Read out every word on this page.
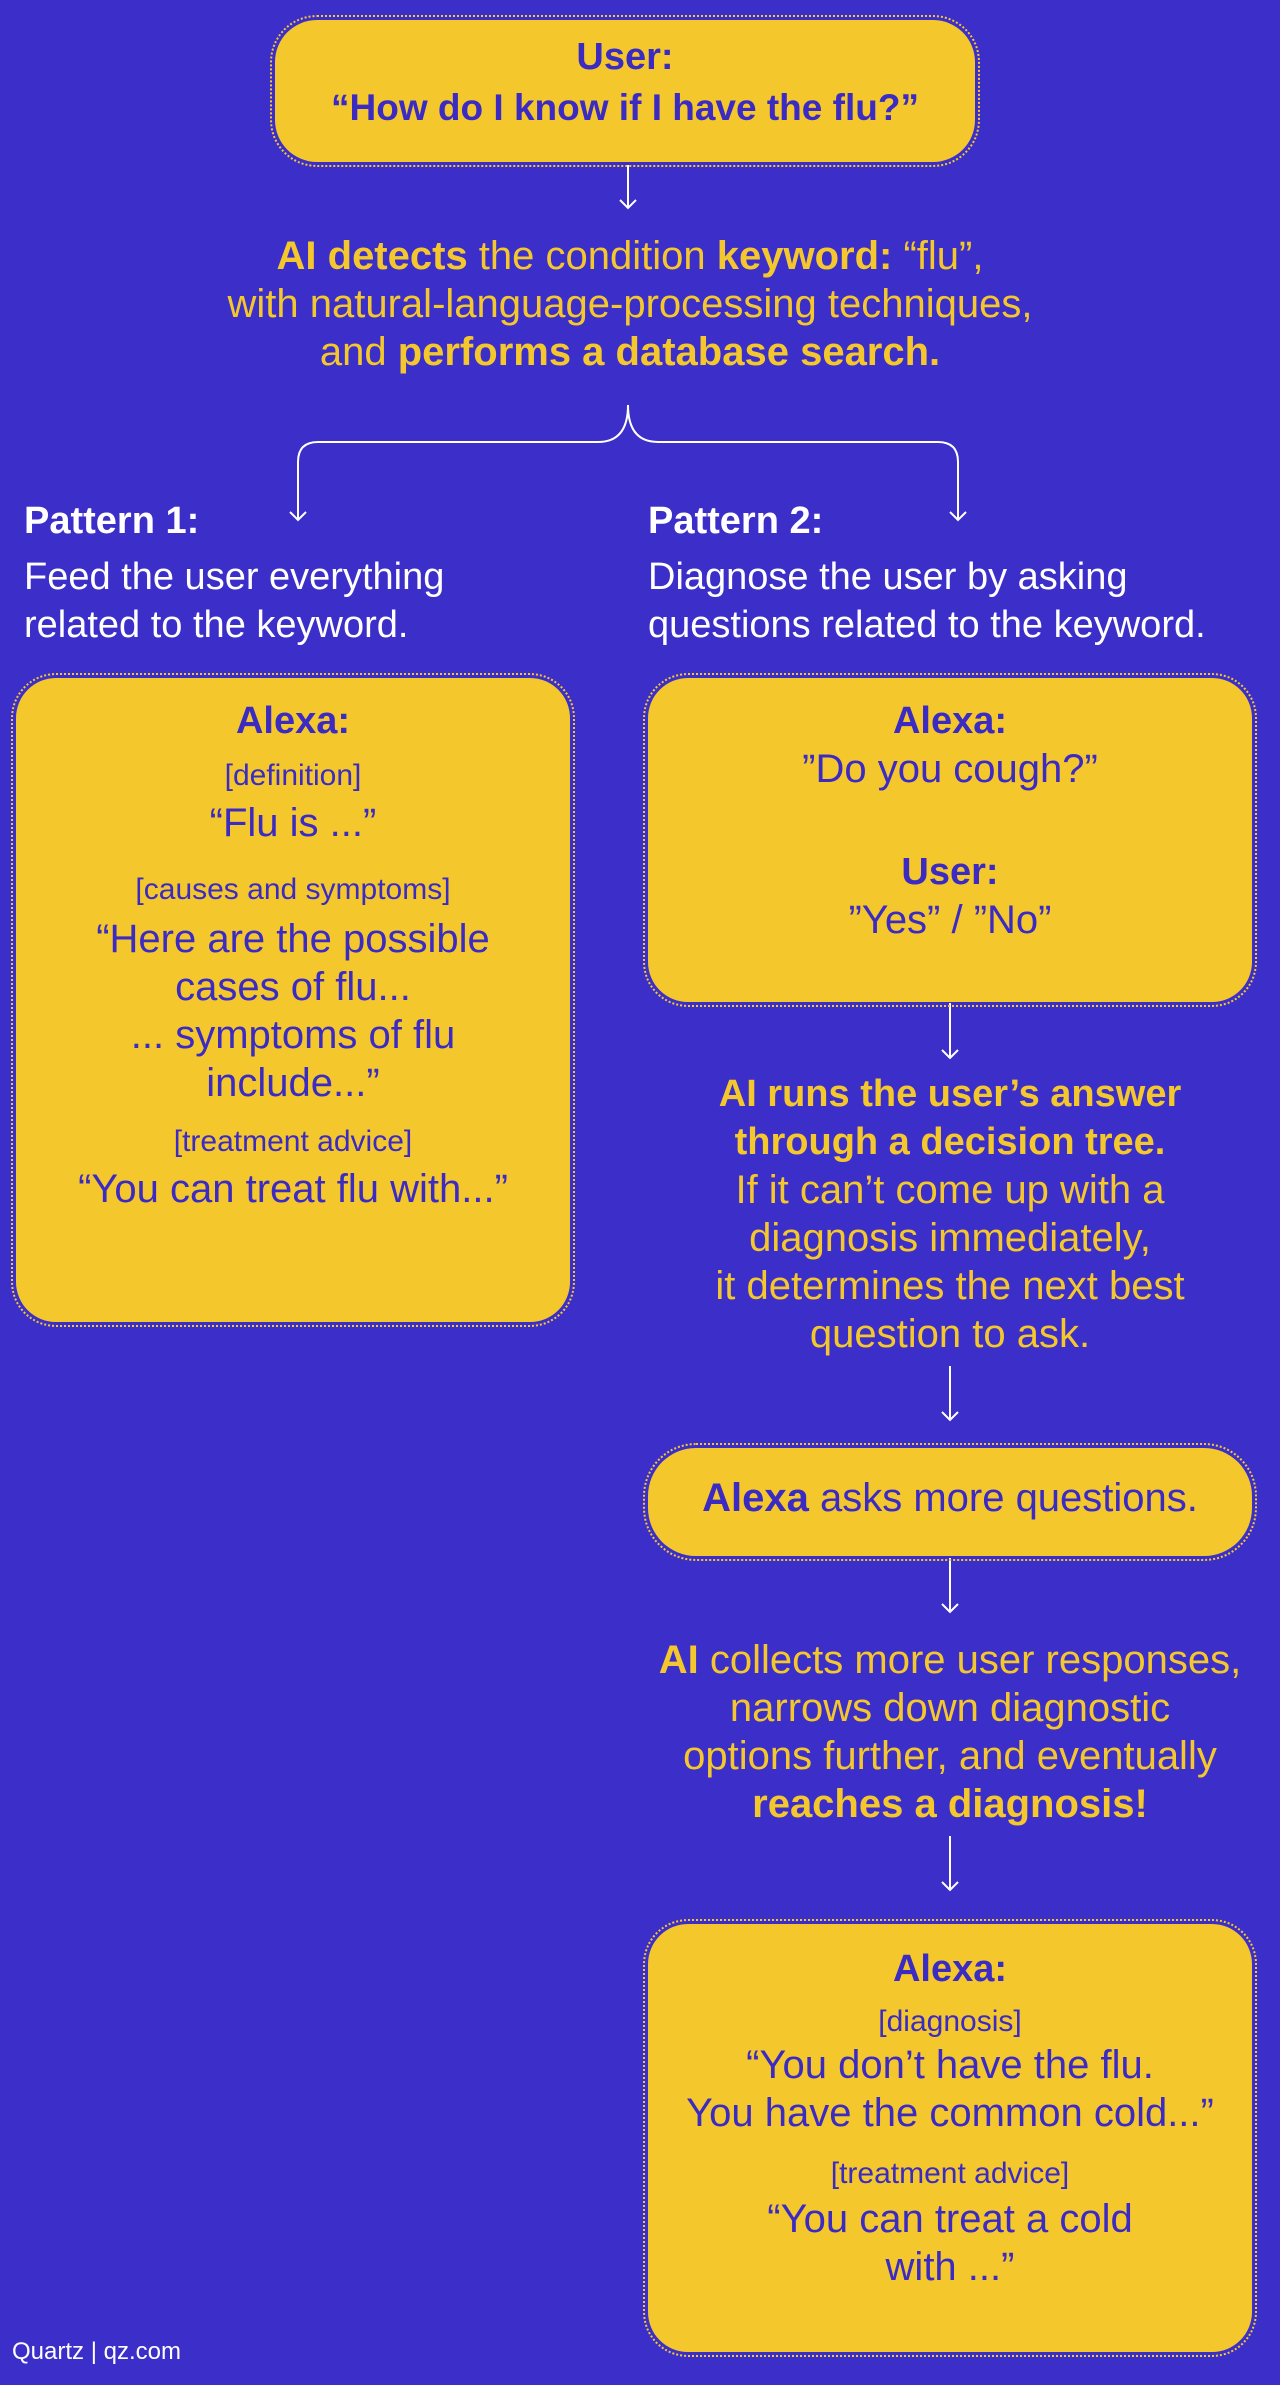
User:
“How do I know if I have the flu?”
AI detects the condition keyword: “flu”,
with natural-language-processing techniques,
and performs a database search.
Pattern 1:
Feed the user everything
related to the keyword.
Pattern 2:
Diagnose the user by asking
questions related to the keyword.
Alexa:
[definition]
“Flu is ...”
[causes and symptoms]
“Here are the possible
cases of flu...
... symptoms of flu
include...”
[treatment advice]
“You can treat flu with...”
Alexa:
”Do you cough?”
User:
”Yes” / ”No”
AI runs the user’s answer
through a decision tree.
If it can’t come up with a
diagnosis immediately,
it determines the next best
question to ask.
Alexa asks more questions.
AI collects more user responses,
narrows down diagnostic
options further, and eventually
reaches a diagnosis!
Alexa:
[diagnosis]
“You don’t have the flu.
You have the common cold...”
[treatment advice]
“You can treat a cold
with ...”
Quartz | qz.com
